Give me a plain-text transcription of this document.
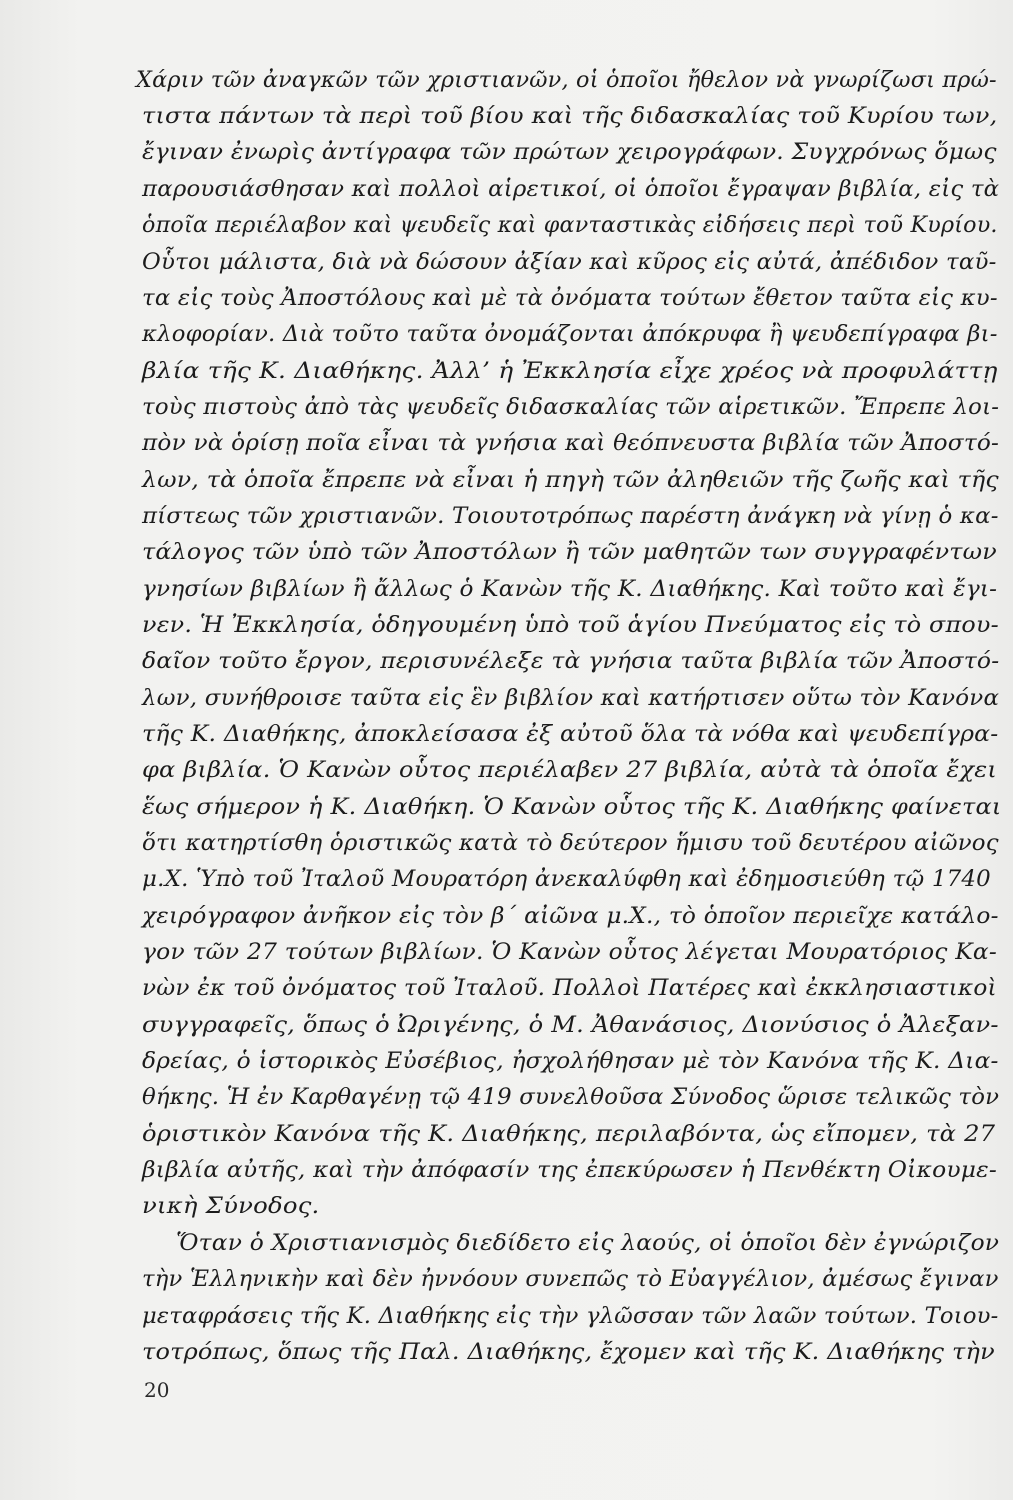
Χάριν τῶν ἀναγκῶν τῶν χριστιανῶν, οἱ ὁποῖοι ἤθελον νὰ γνωρίζωσι πρώ-
τιστα πάντων τὰ περὶ τοῦ βίου καὶ τῆς διδασκαλίας τοῦ Κυρίου των,
ἔγιναν ἐνωρὶς ἀντίγραφα τῶν πρώτων χειρογράφων. Συγχρόνως ὅμως
παρουσιάσθησαν καὶ πολλοὶ αἱρετικοί, οἱ ὁποῖοι ἔγραψαν βιβλία, εἰς τὰ
ὁποῖα περιέλαβον καὶ ψευδεῖς καὶ φανταστικὰς εἰδήσεις περὶ τοῦ Κυρίου.
Οὗτοι μάλιστα, διὰ νὰ δώσουν ἀξίαν καὶ κῦρος εἰς αὐτά, ἀπέδιδον ταῦ-
τα εἰς τοὺς Ἀποστόλους καὶ μὲ τὰ ὀνόματα τούτων ἔθετον ταῦτα εἰς κυ-
κλοφορίαν. Διὰ τοῦτο ταῦτα ὀνομάζονται ἀπόκρυφα ἢ ψευδεπίγραφα βι-
βλία τῆς Κ. Διαθήκης. Ἀλλ’ ἡ Ἐκκλησία εἶχε χρέος νὰ προφυλάττῃ
τοὺς πιστοὺς ἀπὸ τὰς ψευδεῖς διδασκαλίας τῶν αἱρετικῶν. Ἔπρεπε λοι-
πὸν νὰ ὁρίσῃ ποῖα εἶναι τὰ γνήσια καὶ θεόπνευστα βιβλία τῶν Ἀποστό-
λων, τὰ ὁποῖα ἔπρεπε νὰ εἶναι ἡ πηγὴ τῶν ἀληθειῶν τῆς ζωῆς καὶ τῆς
πίστεως τῶν χριστιανῶν. Τοιουτοτρόπως παρέστη ἀνάγκη νὰ γίνῃ ὁ κα-
τάλογος τῶν ὑπὸ τῶν Ἀποστόλων ἢ τῶν μαθητῶν των συγγραφέντων
γνησίων βιβλίων ἢ ἄλλως ὁ Κανὼν τῆς Κ. Διαθήκης. Καὶ τοῦτο καὶ ἔγι-
νεν. Ἡ Ἐκκλησία, ὁδηγουμένη ὑπὸ τοῦ ἁγίου Πνεύματος εἰς τὸ σπου-
δαῖον τοῦτο ἔργον, περισυνέλεξε τὰ γνήσια ταῦτα βιβλία τῶν Ἀποστό-
λων, συνήθροισε ταῦτα εἰς ἓν βιβλίον καὶ κατήρτισεν οὕτω τὸν Κανόνα
τῆς Κ. Διαθήκης, ἀποκλείσασα ἐξ αὐτοῦ ὅλα τὰ νόθα καὶ ψευδεπίγρα-
φα βιβλία. Ὁ Κανὼν οὗτος περιέλαβεν 27 βιβλία, αὐτὰ τὰ ὁποῖα ἔχει
ἕως σήμερον ἡ Κ. Διαθήκη. Ὁ Κανὼν οὗτος τῆς Κ. Διαθήκης φαίνεται
ὅτι κατηρτίσθη ὁριστικῶς κατὰ τὸ δεύτερον ἥμισυ τοῦ δευτέρου αἰῶνος
μ.Χ. Ὑπὸ τοῦ Ἰταλοῦ Μουρατόρη ἀνεκαλύφθη καὶ ἐδημοσιεύθη τῷ 1740
χειρόγραφον ἀνῆκον εἰς τὸν β΄ αἰῶνα μ.Χ., τὸ ὁποῖον περιεῖχε κατάλο-
γον τῶν 27 τούτων βιβλίων. Ὁ Κανὼν οὗτος λέγεται Μουρατόριος Κα-
νὼν ἐκ τοῦ ὀνόματος τοῦ Ἰταλοῦ. Πολλοὶ Πατέρες καὶ ἐκκλησιαστικοὶ
συγγραφεῖς, ὅπως ὁ Ὠριγένης, ὁ Μ. Ἀθανάσιος, Διονύσιος ὁ Ἀλεξαν-
δρείας, ὁ ἱστορικὸς Εὐσέβιος, ἠσχολήθησαν μὲ τὸν Κανόνα τῆς Κ. Δια-
θήκης. Ἡ ἐν Καρθαγένῃ τῷ 419 συνελθοῦσα Σύνοδος ὥρισε τελικῶς τὸν
ὁριστικὸν Κανόνα τῆς Κ. Διαθήκης, περιλαβόντα, ὡς εἴπομεν, τὰ 27
βιβλία αὐτῆς, καὶ τὴν ἀπόφασίν της ἐπεκύρωσεν ἡ Πενθέκτη Οἰκουμε-
νικὴ Σύνοδος.
Ὅταν ὁ Χριστιανισμὸς διεδίδετο εἰς λαούς, οἱ ὁποῖοι δὲν ἐγνώριζον
τὴν Ἑλληνικὴν καὶ δὲν ἠννόουν συνεπῶς τὸ Εὐαγγέλιον, ἀμέσως ἔγιναν
μεταφράσεις τῆς Κ. Διαθήκης εἰς τὴν γλῶσσαν τῶν λαῶν τούτων. Τοιου-
τοτρόπως, ὅπως τῆς Παλ. Διαθήκης, ἔχομεν καὶ τῆς Κ. Διαθήκης τὴν
20
